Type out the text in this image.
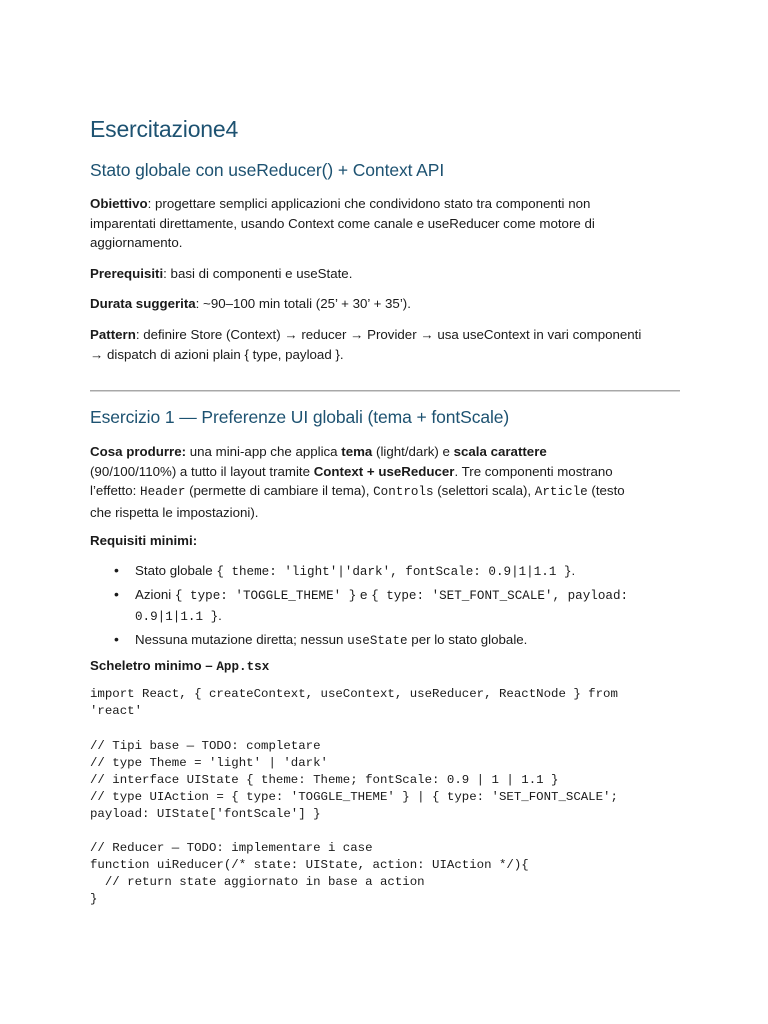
Esercitazione4
Stato globale con useReducer() + Context API

Obiettivo: progettare semplici applicazioni che condividono stato tra componenti non
imparentati direttamente, usando Context come canale e useReducer come motore di
aggiornamento.

Prerequisiti: basi di componenti e useState.

Durata suggerita: ~90–100 min totali (25’ + 30’ + 35’).

Pattern: definire Store (Context) → reducer → Provider → usa useContext in vari componenti
→ dispatch di azioni plain { type, payload }.

Esercizio 1 — Preferenze UI globali (tema + fontScale)

Cosa produrre: una mini-app che applica tema (light/dark) e scala carattere
(90/100/110%) a tutto il layout tramite Context + useReducer. Tre componenti mostrano
l’effetto: Header (permette di cambiare il tema), Controls (selettori scala), Article (testo
che rispetta le impostazioni).

Requisiti minimi:

• Stato globale { theme: 'light'|'dark', fontScale: 0.9|1|1.1 }.
• Azioni { type: 'TOGGLE_THEME' } e { type: 'SET_FONT_SCALE', payload:
0.9|1|1.1 }.
• Nessuna mutazione diretta; nessun useState per lo stato globale.

Scheletro minimo – App.tsx

import React, { createContext, useContext, useReducer, ReactNode } from
'react'
// Tipi base — TODO: completare
// type Theme = 'light' | 'dark'
// interface UIState { theme: Theme; fontScale: 0.9 | 1 | 1.1 }
// type UIAction = { type: 'TOGGLE_THEME' } | { type: 'SET_FONT_SCALE';
payload: UIState['fontScale'] }
// Reducer — TODO: implementare i case
function uiReducer(/* state: UIState, action: UIAction */){
// return state aggiornato in base a action
}
